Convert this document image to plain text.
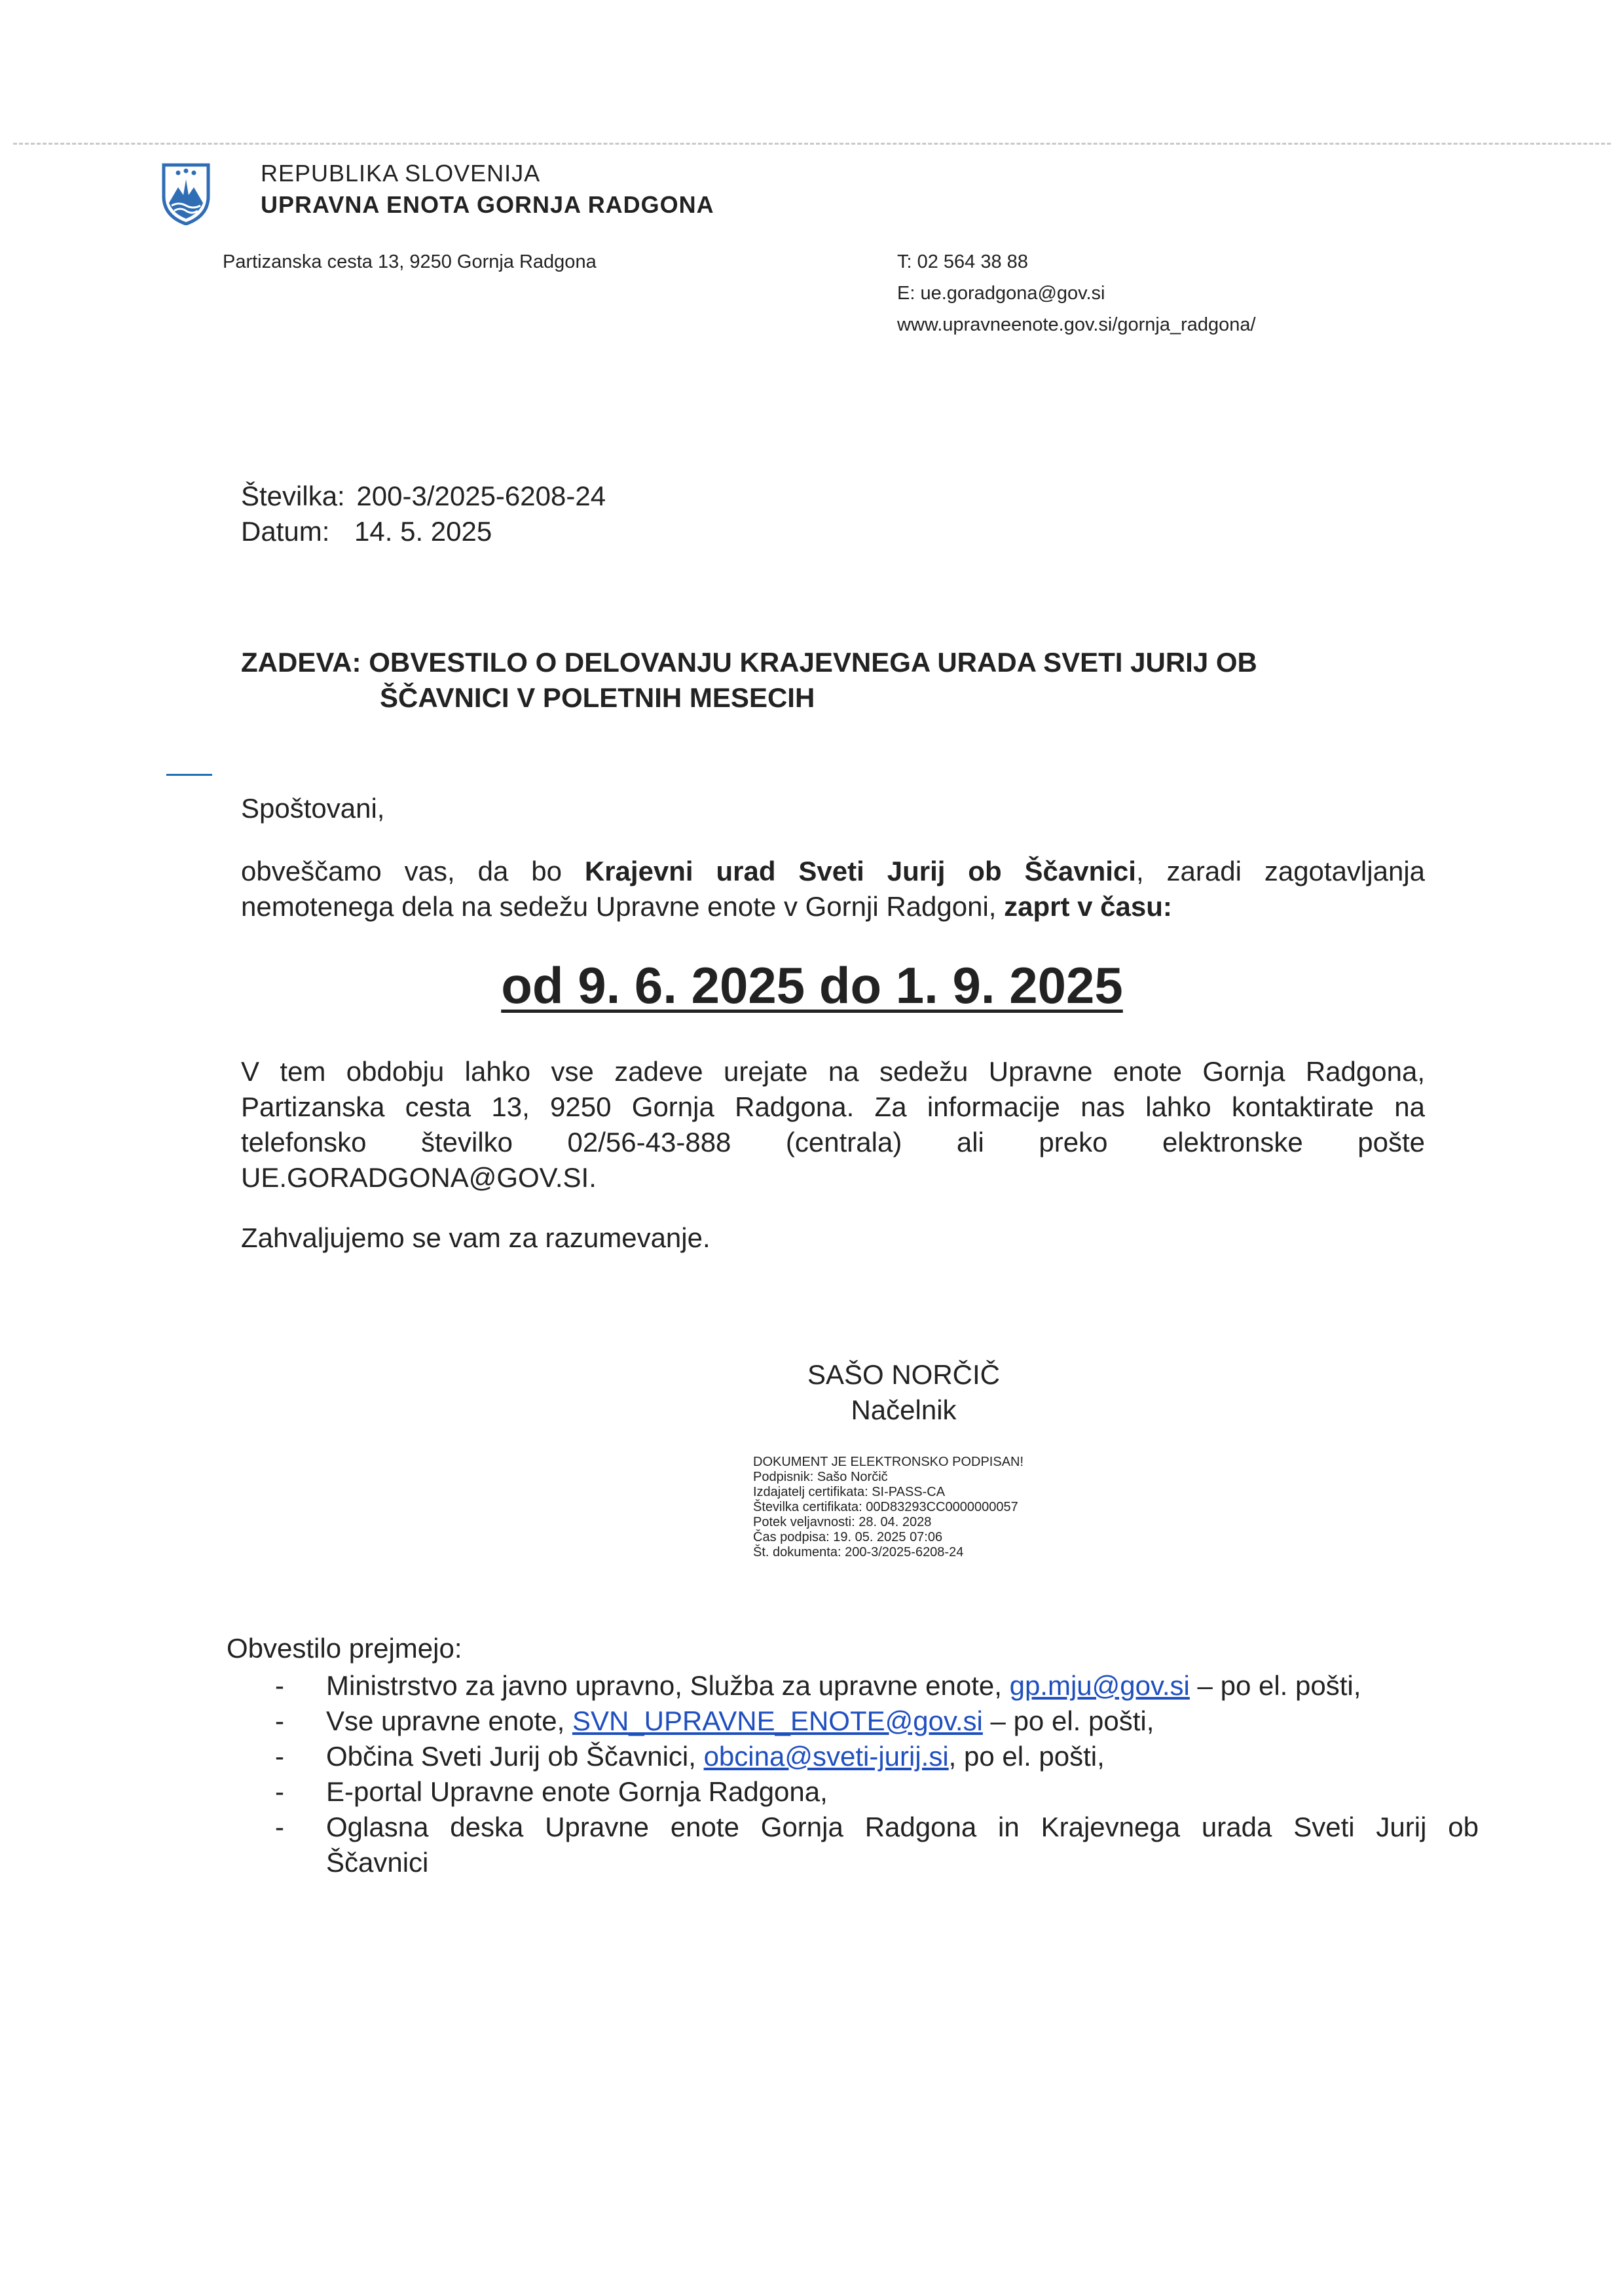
REPUBLIKA SLOVENIJA
UPRAVNA ENOTA GORNJA RADGONA
Partizanska cesta 13, 9250 Gornja Radgona	T: 02 564 38 88
E: ue.goradgona@gov.si
www.upravneenote.gov.si/gornja_radgona/
Številka: 200-3/2025-6208-24
Datum: 14. 5. 2025
ZADEVA: OBVESTILO O DELOVANJU KRAJEVNEGA URADA SVETI JURIJ OB
ŠČAVNICI V POLETNIH MESECIH
Spoštovani,
obveščamo vas, da bo Krajevni urad Sveti Jurij ob Ščavnici, zaradi zagotavljanja
nemotenega dela na sedežu Upravne enote v Gornji Radgoni, zaprt v času:
od 9. 6. 2025 do 1. 9. 2025
V tem obdobju lahko vse zadeve urejate na sedežu Upravne enote Gornja Radgona,
Partizanska cesta 13, 9250 Gornja Radgona. Za informacije nas lahko kontaktirate na
telefonsko številko 02/56-43-888 (centrala) ali preko elektronske pošte
UE.GORADGONA@GOV.SI.
Zahvaljujemo se vam za razumevanje.
SAŠO NORČIČ
Načelnik
DOKUMENT JE ELEKTRONSKO PODPISAN!
Podpisnik: Sašo Norčič
Izdajatelj certifikata: SI-PASS-CA
Številka certifikata: 00D83293CC0000000057
Potek veljavnosti: 28. 04. 2028
Čas podpisa: 19. 05. 2025 07:06
Št. dokumenta: 200-3/2025-6208-24
Obvestilo prejmejo:
- Ministrstvo za javno upravno, Služba za upravne enote, gp.mju@gov.si – po el. pošti,
- Vse upravne enote, SVN_UPRAVNE_ENOTE@gov.si – po el. pošti,
- Občina Sveti Jurij ob Ščavnici, obcina@sveti-jurij.si, po el. pošti,
- E-portal Upravne enote Gornja Radgona,
- Oglasna deska Upravne enote Gornja Radgona in Krajevnega urada Sveti Jurij ob
Ščavnici
